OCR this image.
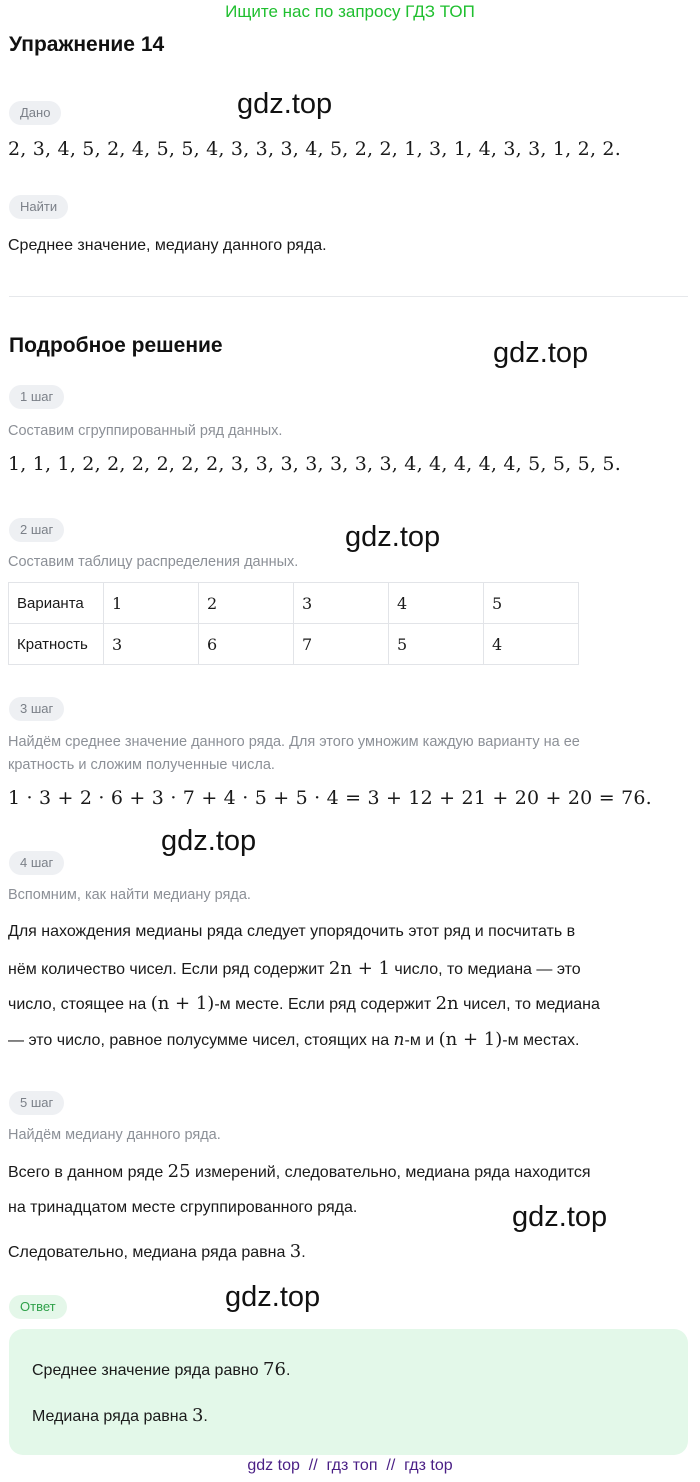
Ищите нас по запросу ГДЗ ТОП
Упражнение 14
gdz.top
gdz.top
gdz.top
gdz.top
gdz.top
gdz.top
Дано
2, 3, 4, 5, 2, 4, 5, 5, 4, 3, 3, 3, 4, 5, 2, 2, 1, 3, 1, 4, 3, 3, 1, 2, 2.
Найти
Среднее значение, медиану данного ряда.
Подробное решение
1 шаг
Составим сгруппированный ряд данных.
1, 1, 1, 2, 2, 2, 2, 2, 2, 3, 3, 3, 3, 3, 3, 3, 4, 4, 4, 4, 4, 5, 5, 5, 5.
2 шаг
Составим таблицу распределения данных.
Варианта	1	2	3	4	5
Кратность	3	6	7	5	4
3 шаг
Найдём среднее значение данного ряда. Для этого умножим каждую варианту на ее
кратность и сложим полученные числа.
1 · 3 + 2 · 6 + 3 · 7 + 4 · 5 + 5 · 4 = 3 + 12 + 21 + 20 + 20 = 76.
4 шаг
Вспомним, как найти медиану ряда.
Для нахождения медианы ряда следует упорядочить этот ряд и посчитать в
нём количество чисел. Если ряд содержит 2n + 1 число, то медиана — это
число, стоящее на (n + 1)-м месте. Если ряд содержит 2n чисел, то медиана
— это число, равное полусумме чисел, стоящих на n-м и (n + 1)-м местах.
5 шаг
Найдём медиану данного ряда.
Всего в данном ряде 25 измерений, следовательно, медиана ряда находится
на тринадцатом месте сгруппированного ряда.
Следовательно, медиана ряда равна 3.
Ответ
Среднее значение ряда равно 76.
Медиана ряда равна 3.
gdz top  //  гдз топ  //  гдз top
